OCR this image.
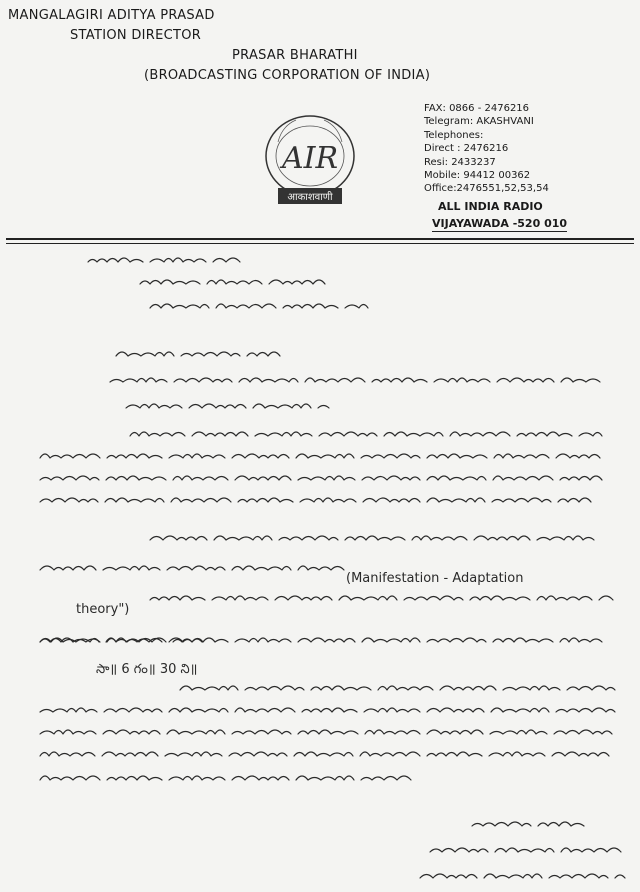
MANGALAGIRI ADITYA PRASAD
STATION DIRECTOR
PRASAR BHARATHI
(BROADCASTING CORPORATION OF INDIA)
AIR
आकाशवाणी
FAX: 0866 - 2476216
Telegram: AKASHVANI
Telephones:
Direct : 2476216
Resi: 2433237
Mobile: 94412 00362
Office:2476551,52,53,54
ALL INDIA RADIO
VIJAYAWADA -520 010
(Manifestation - Adaptation
theory")
సా॥ 6 గం॥ 30 ని॥
